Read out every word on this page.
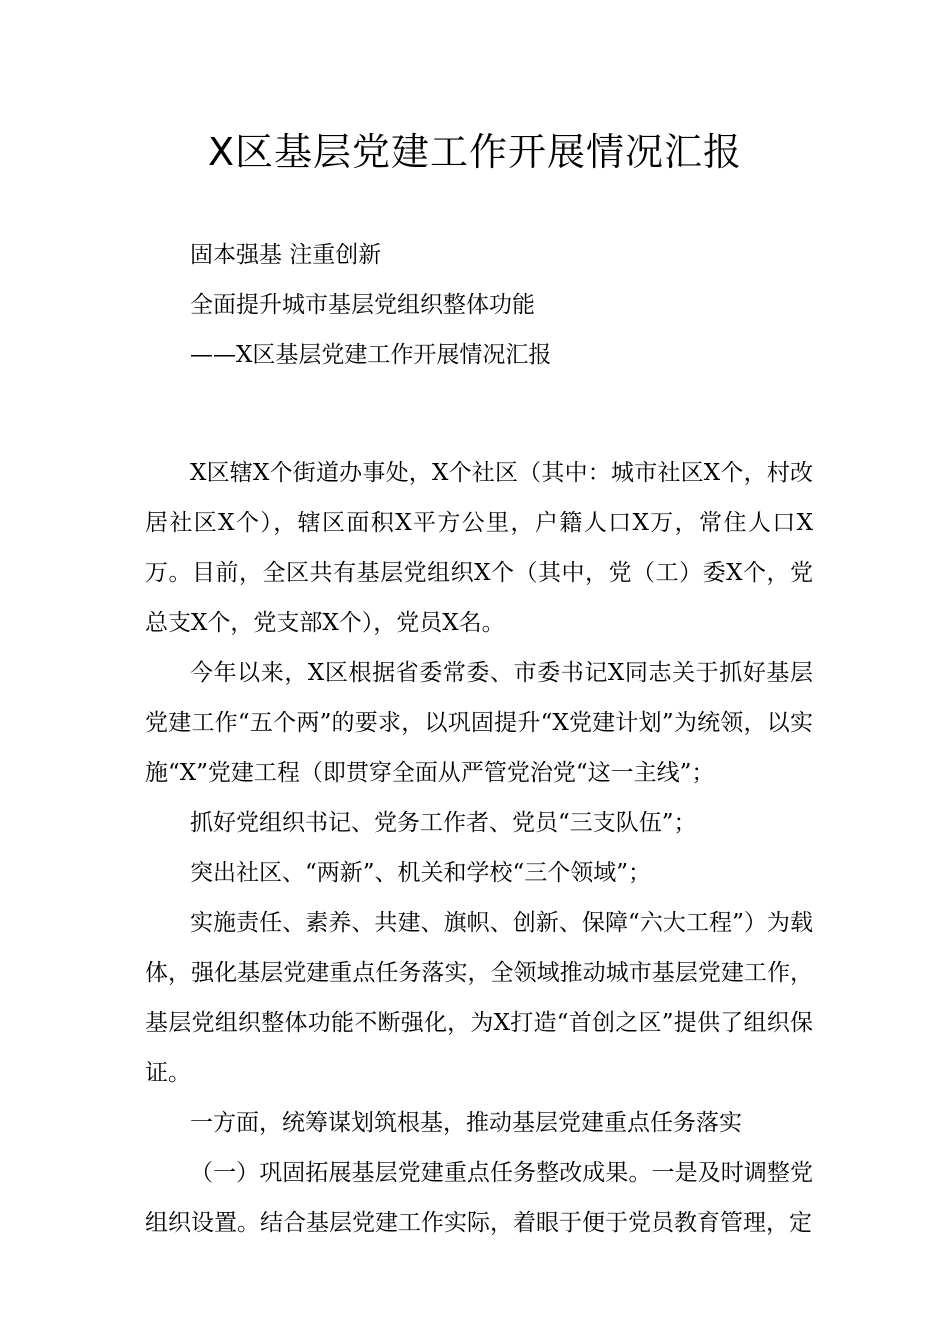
X区基层党建工作开展情况汇报

固本强基 注重创新

全面提升城市基层党组织整体功能

——X区基层党建工作开展情况汇报

X区辖X个街道办事处，X个社区（其中：城市社区X个，村改居社区X个），辖区面积X平方公里，户籍人口X万，常住人口X万。目前，全区共有基层党组织X个（其中，党（工）委X个，党总支X个，党支部X个），党员X名。

今年以来，X区根据省委常委、市委书记X同志关于抓好基层党建工作“五个两”的要求，以巩固提升“X党建计划”为统领，以实施“X”党建工程（即贯穿全面从严管党治党“这一主线”；

抓好党组织书记、党务工作者、党员“三支队伍”；

突出社区、“两新”、机关和学校“三个领域”；

实施责任、素养、共建、旗帜、创新、保障“六大工程”）为载体，强化基层党建重点任务落实，全领域推动城市基层党建工作，基层党组织整体功能不断强化，为X打造“首创之区”提供了组织保证。

一方面，统筹谋划筑根基，推动基层党建重点任务落实

（一）巩固拓展基层党建重点任务整改成果。一是及时调整党组织设置。结合基层党建工作实际，着眼于便于党员教育管理，定
